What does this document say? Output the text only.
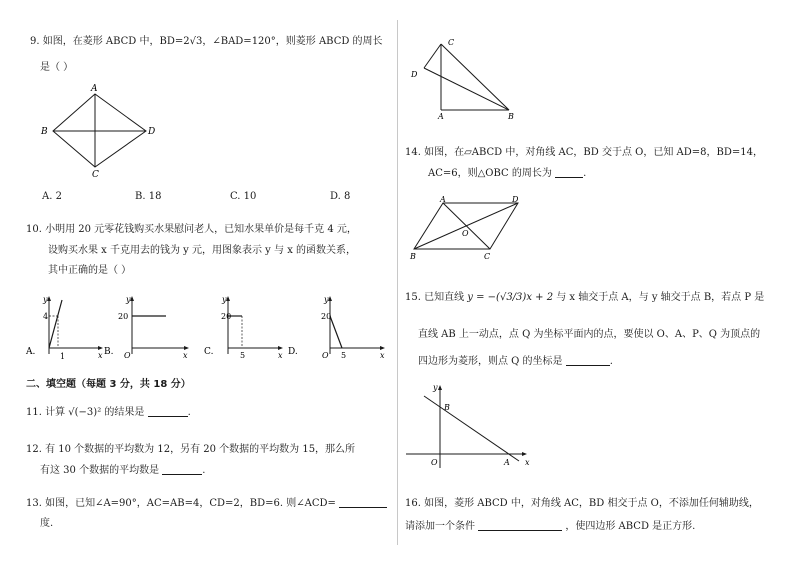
9. 如图，在菱形 ABCD 中，BD=2√3，∠BAD=120°，则菱形 ABCD 的周长
是（ ）
A
B	D
C
A. 2	B. 18	C. 10	D. 8
10. 小明用 20 元零花钱购买水果慰问老人，已知水果单价是每千克 4 元，
设购买水果 x 千克用去的钱为 y 元，用图象表示 y 与 x 的函数关系，
其中正确的是（ ）
A.
y
4
1	x B.
y
20
O	x C.
y
20
5	x D.
y
20
O 5	x
二、填空题（每题 3 分，共 18 分）
11. 计算 √(−3)² 的结果是	.
12. 有 10 个数据的平均数为 12，另有 20 个数据的平均数为 15，那么所
有这 30 个数据的平均数是	.
13. 如图，已知∠A=90°，AC=AB=4，CD=2，BD=6. 则∠ACD=
度.
C
D
A	B
14. 如图，在▱ABCD 中，对角线 AC，BD 交于点 O，已知 AD=8，BD=14，
AC=6，则△OBC 的周长为	.
A	D
B	C
O
15. 已知直线 y = −(√3/3)x + 2 与 x 轴交于点 A，与 y 轴交于点 B，若点 P 是
直线 AB 上一动点，点 Q 为坐标平面内的点，要使以 O、A、P、Q 为顶点的
四边形为菱形，则点 Q 的坐标是	.
y
B
O	A x
16. 如图，菱形 ABCD 中，对角线 AC，BD 相交于点 O，不添加任何辅助线，
请添加一个条件	，使四边形 ABCD 是正方形.
